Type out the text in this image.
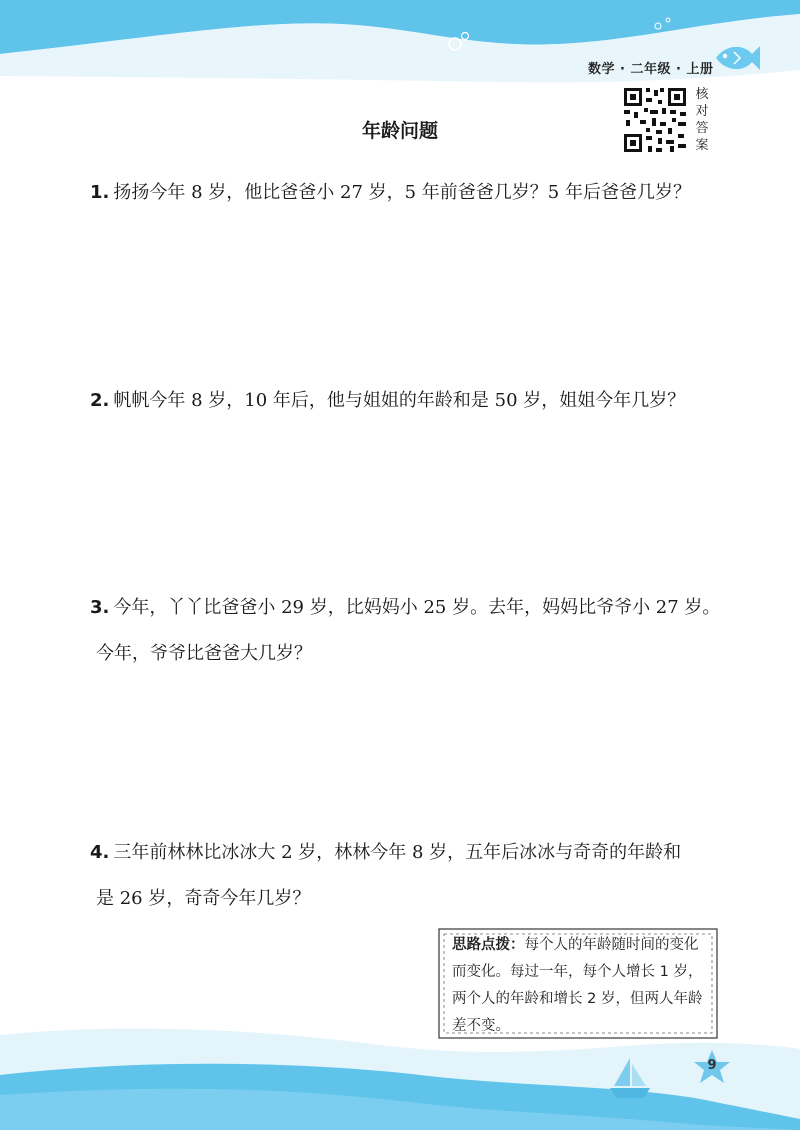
数学 · 二年级 · 上册
核
对
答
案
年龄问题
1. 扬扬今年 8 岁，他比爸爸小 27 岁，5 年前爸爸几岁？5 年后爸爸几岁？
2. 帆帆今年 8 岁，10 年后，他与姐姐的年龄和是 50 岁，姐姐今年几岁？
3. 今年，丫丫比爸爸小 29 岁，比妈妈小 25 岁。去年，妈妈比爷爷小 27 岁。
今年，爷爷比爸爸大几岁？
4. 三年前林林比冰冰大 2 岁，林林今年 8 岁，五年后冰冰与奇奇的年龄和
是 26 岁，奇奇今年几岁？
思路点拨：每个人的年龄随时间的变化而变化。每过一年，每个人增长 1 岁，两个人的年龄和增长 2 岁，但两人年龄差不变。
9
